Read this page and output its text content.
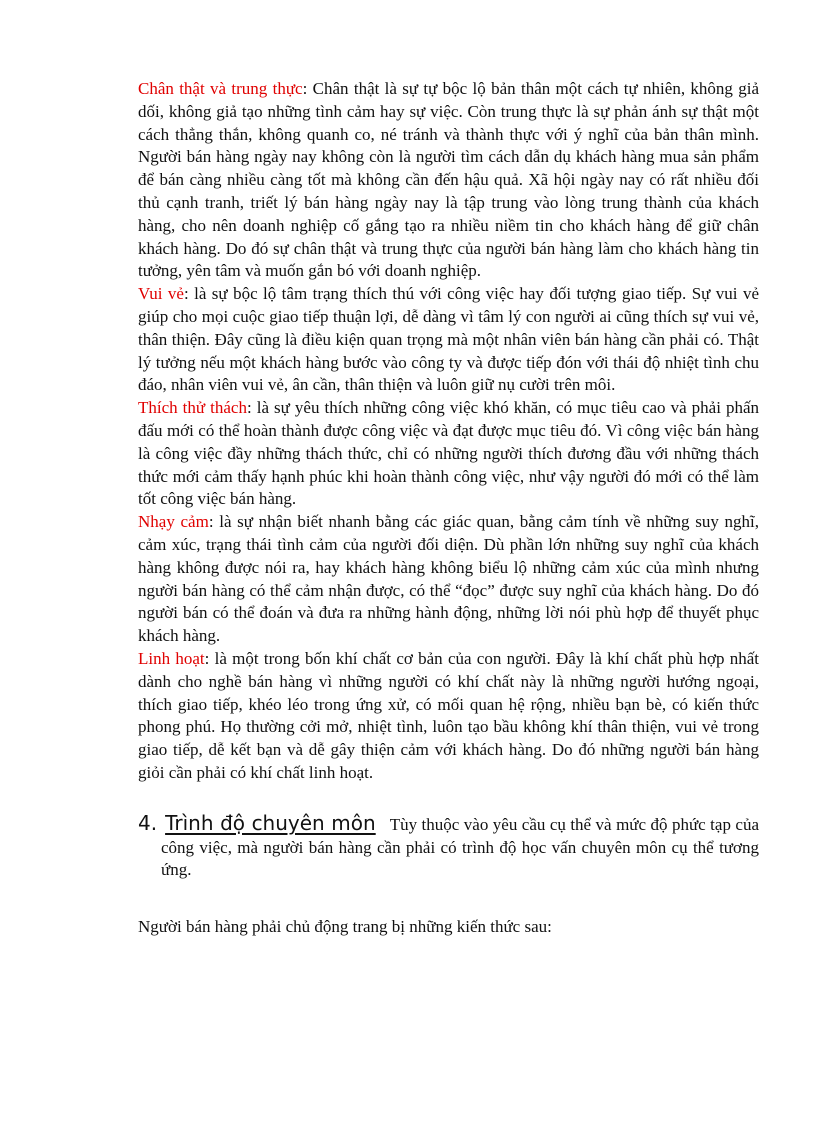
Chân thật và trung thực: Chân thật là sự tự bộc lộ bản thân một cách tự nhiên, không giả dối, không giả tạo những tình cảm hay sự việc. Còn trung thực là sự phản ánh sự thật một cách thẳng thắn, không quanh co, né tránh và thành thực với ý nghĩ của bản thân mình. Người bán hàng ngày nay không còn là người tìm cách dẫn dụ khách hàng mua sản phẩm để bán càng nhiều càng tốt mà không cần đến hậu quả. Xã hội ngày nay có rất nhiều đối thủ cạnh tranh, triết lý bán hàng ngày nay là tập trung vào lòng trung thành của khách hàng, cho nên doanh nghiệp cố gắng tạo ra nhiều niềm tin cho khách hàng để giữ chân khách hàng. Do đó sự chân thật và trung thực của người bán hàng làm cho khách hàng tin tưởng, yên tâm và muốn gắn bó với doanh nghiệp.

Vui vẻ: là sự bộc lộ tâm trạng thích thú với công việc hay đối tượng giao tiếp. Sự vui vẻ giúp cho mọi cuộc giao tiếp thuận lợi, dễ dàng vì tâm lý con người ai cũng thích sự vui vẻ, thân thiện. Đây cũng là điều kiện quan trọng mà một nhân viên bán hàng cần phải có. Thật lý tưởng nếu một khách hàng bước vào công ty và được tiếp đón với thái độ nhiệt tình chu đáo, nhân viên vui vẻ, ân cần, thân thiện và luôn giữ nụ cười trên môi.

Thích thử thách: là sự yêu thích những công việc khó khăn, có mục tiêu cao và phải phấn đấu mới có thể hoàn thành được công việc và đạt được mục tiêu đó. Vì công việc bán hàng là công việc đầy những thách thức, chỉ có những người thích đương đầu với những thách thức mới cảm thấy hạnh phúc khi hoàn thành công việc, như vậy người đó mới có thể làm tốt công việc bán hàng.

Nhạy cảm: là sự nhận biết nhanh bằng các giác quan, bằng cảm tính về những suy nghĩ, cảm xúc, trạng thái tình cảm của người đối diện. Dù phần lớn những suy nghĩ của khách hàng không được nói ra, hay khách hàng không biểu lộ những cảm xúc của mình nhưng người bán hàng có thể cảm nhận được, có thể “đọc” được suy nghĩ của khách hàng. Do đó người bán có thể đoán và đưa ra những hành động, những lời nói phù hợp để thuyết phục khách hàng.

Linh hoạt: là một trong bốn khí chất cơ bản của con người. Đây là khí chất phù hợp nhất dành cho nghề bán hàng vì những người có khí chất này là những người hướng ngoại, thích giao tiếp, khéo léo trong ứng xử, có mối quan hệ rộng, nhiều bạn bè, có kiến thức phong phú. Họ thường cởi mở, nhiệt tình, luôn tạo bầu không khí thân thiện, vui vẻ trong giao tiếp, dễ kết bạn và dễ gây thiện cảm với khách hàng. Do đó những người bán hàng giỏi cần phải có khí chất linh hoạt.

4. Trình độ chuyên môn Tùy thuộc vào yêu cầu cụ thể và mức độ phức tạp của công việc, mà người bán hàng cần phải có trình độ học vấn chuyên môn cụ thể tương ứng.

Người bán hàng phải chủ động trang bị những kiến thức sau:
